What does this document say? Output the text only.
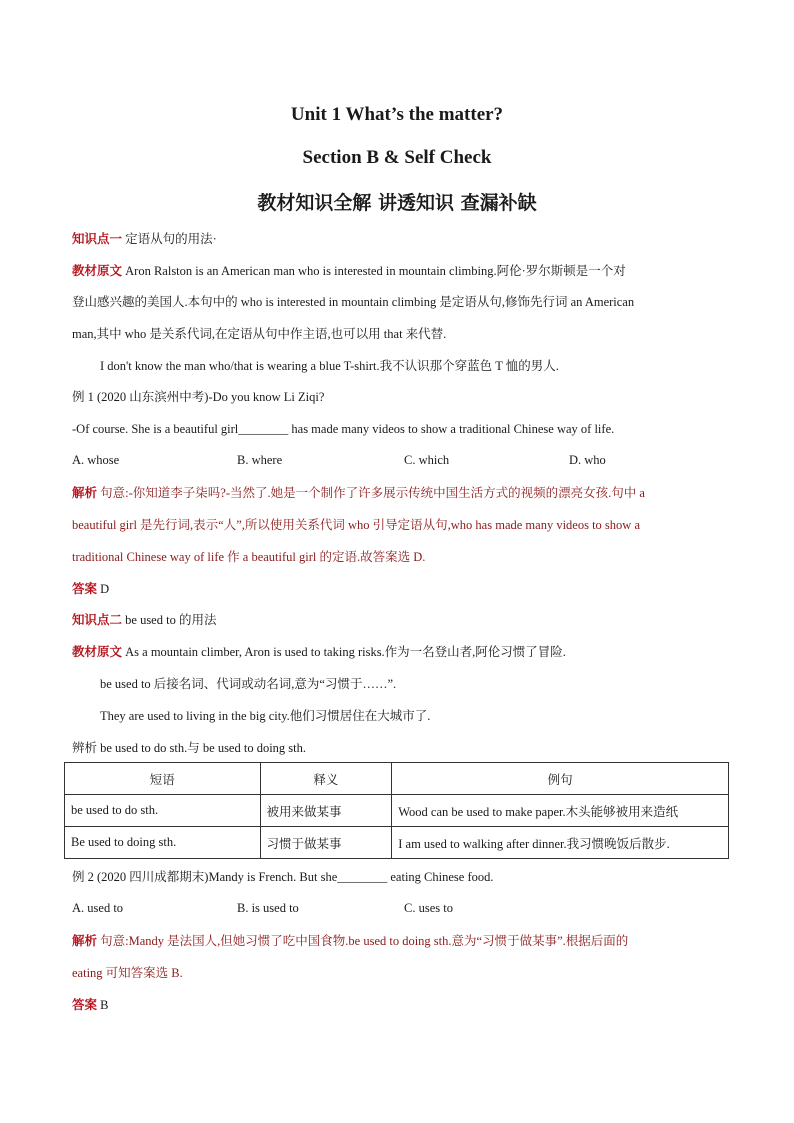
Unit 1 What’s the matter?
Section B & Self Check
教材知识全解 讲透知识 查漏补缺
知识点一 定语从句的用法·
教材原文 Aron Ralston is an American man who is interested in mountain climbing.阿伦·罗尔斯顿是一个对
登山感兴趣的美国人.本句中的 who is interested in mountain climbing 是定语从句,修饰先行词 an American
man,其中 who 是关系代词,在定语从句中作主语,也可以用 that 来代替.
I don't know the man who/that is wearing a blue T-shirt.我不认识那个穿蓝色 T 恤的男人.
例 1 (2020 山东滨州中考)-Do you know Li Ziqi?
-Of course. She is a beautiful girl________ has made many videos to show a traditional Chinese way of life.
A. whose	B. where	C. which	D. who
解析 句意:-你知道李子柒吗?-当然了.她是一个制作了许多展示传统中国生活方式的视频的漂亮女孩.句中 a
beautiful girl 是先行词,表示“人”,所以使用关系代词 who 引导定语从句,who has made many videos to show a
traditional Chinese way of life 作 a beautiful girl 的定语.故答案选 D.
答案 D
知识点二 be used to 的用法
教材原文 As a mountain climber, Aron is used to taking risks.作为一名登山者,阿伦习惯了冒险.
be used to 后接名词、代词或动名词,意为“习惯于……”.
They are used to living in the big city.他们习惯居住在大城市了.
辨析 be used to do sth.与 be used to doing sth.
短语	释义	例句
be used to do sth.	被用来做某事	Wood can be used to make paper.木头能够被用来造纸
Be used to doing sth.	习惯于做某事	I am used to walking after dinner.我习惯晚饭后散步.
例 2 (2020 四川成都期末)Mandy is French. But she________ eating Chinese food.
A. used to	B. is used to	C. uses to
解析 句意:Mandy 是法国人,但她习惯了吃中国食物.be used to doing sth.意为“习惯于做某事”.根据后面的
eating 可知答案选 B.
答案 B
